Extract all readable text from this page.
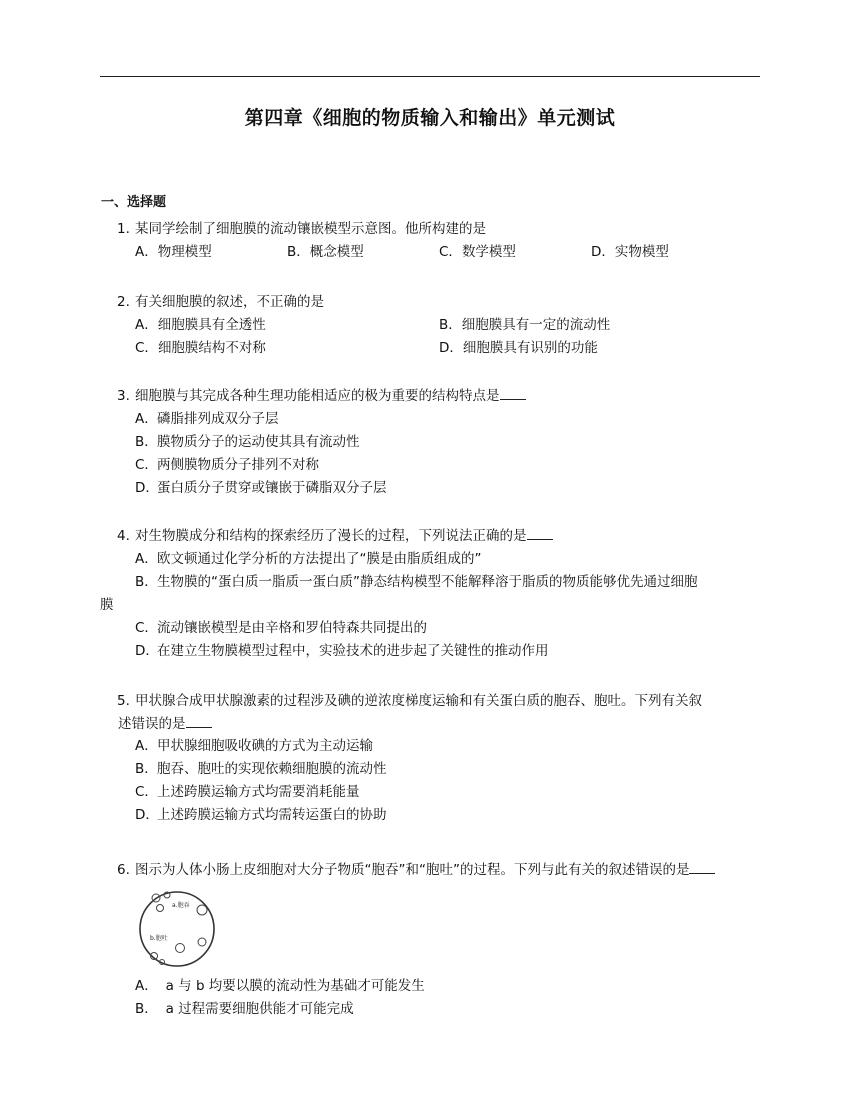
第四章《细胞的物质输入和输出》单元测试
一、选择题
1. 某同学绘制了细胞膜的流动镶嵌模型示意图。他所构建的是
A．物理模型	B．概念模型	C．数学模型	D．实物模型
2. 有关细胞膜的叙述，不正确的是
A．细胞膜具有全透性	B．细胞膜具有一定的流动性
C．细胞膜结构不对称	D．细胞膜具有识别的功能
3. 细胞膜与其完成各种生理功能相适应的极为重要的结构特点是
A．磷脂排列成双分子层
B．膜物质分子的运动使其具有流动性
C．两侧膜物质分子排列不对称
D．蛋白质分子贯穿或镶嵌于磷脂双分子层
4. 对生物膜成分和结构的探索经历了漫长的过程，下列说法正确的是
A．欧文顿通过化学分析的方法提出了“膜是由脂质组成的”
B．生物膜的“蛋白质一脂质一蛋白质”静态结构模型不能解释溶于脂质的物质能够优先通过细胞
膜
C．流动镶嵌模型是由辛格和罗伯特森共同提出的
D．在建立生物膜模型过程中，实验技术的进步起了关键性的推动作用
5. 甲状腺合成甲状腺激素的过程涉及碘的逆浓度梯度运输和有关蛋白质的胞吞、胞吐。下列有关叙
述错误的是
A．甲状腺细胞吸收碘的方式为主动运输
B．胞吞、胞吐的实现依赖细胞膜的流动性
C．上述跨膜运输方式均需要消耗能量
D．上述跨膜运输方式均需转运蛋白的协助
6. 图示为人体小肠上皮细胞对大分子物质“胞吞”和“胞吐”的过程。下列与此有关的叙述错误的是
a.胞吞
b.胞吐
A．  a 与 b 均要以膜的流动性为基础才可能发生
B．  a 过程需要细胞供能才可能完成
